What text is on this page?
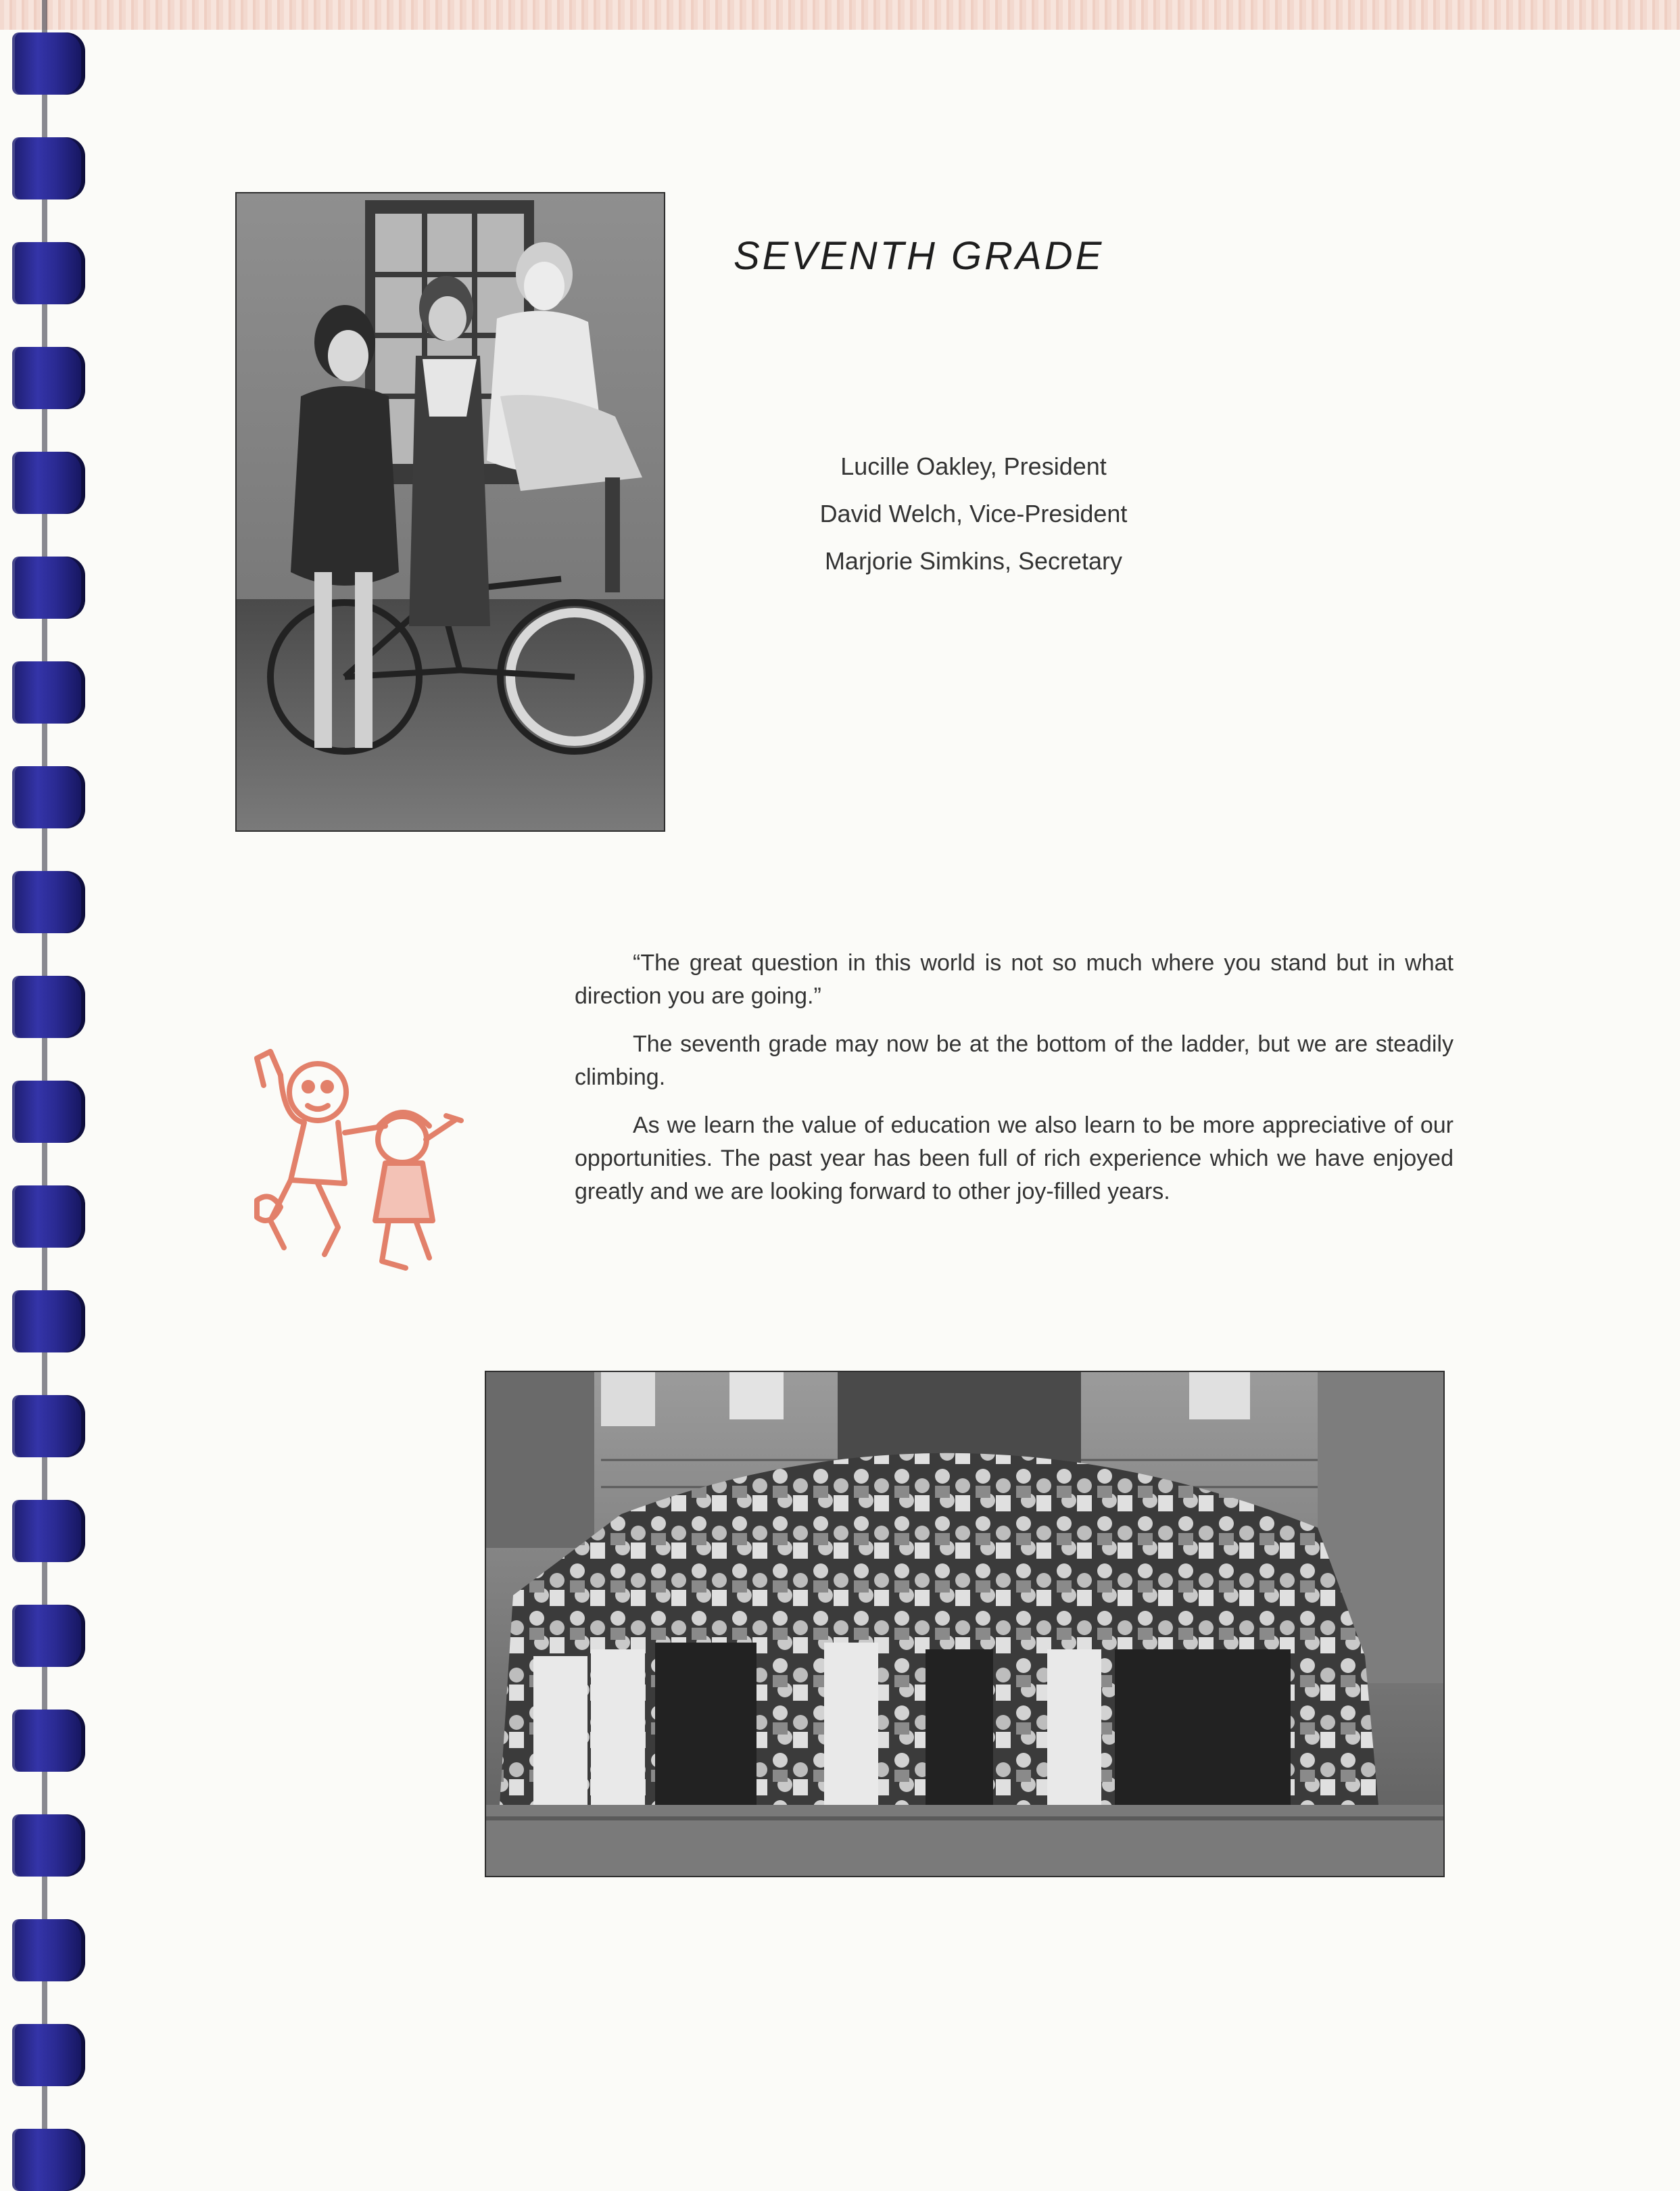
SEVENTH GRADE
Lucille Oakley, President
David Welch, Vice-President
Marjorie Simkins, Secretary

“The great question in this world is not so much where you stand but in what direction you are going.”

The seventh grade may now be at the bottom of the ladder, but we are steadily climbing.

As we learn the value of education we also learn to be more appreciative of our opportunities. The past year has been full of rich experience which we have enjoyed greatly and we are looking forward to other joy-filled years.
